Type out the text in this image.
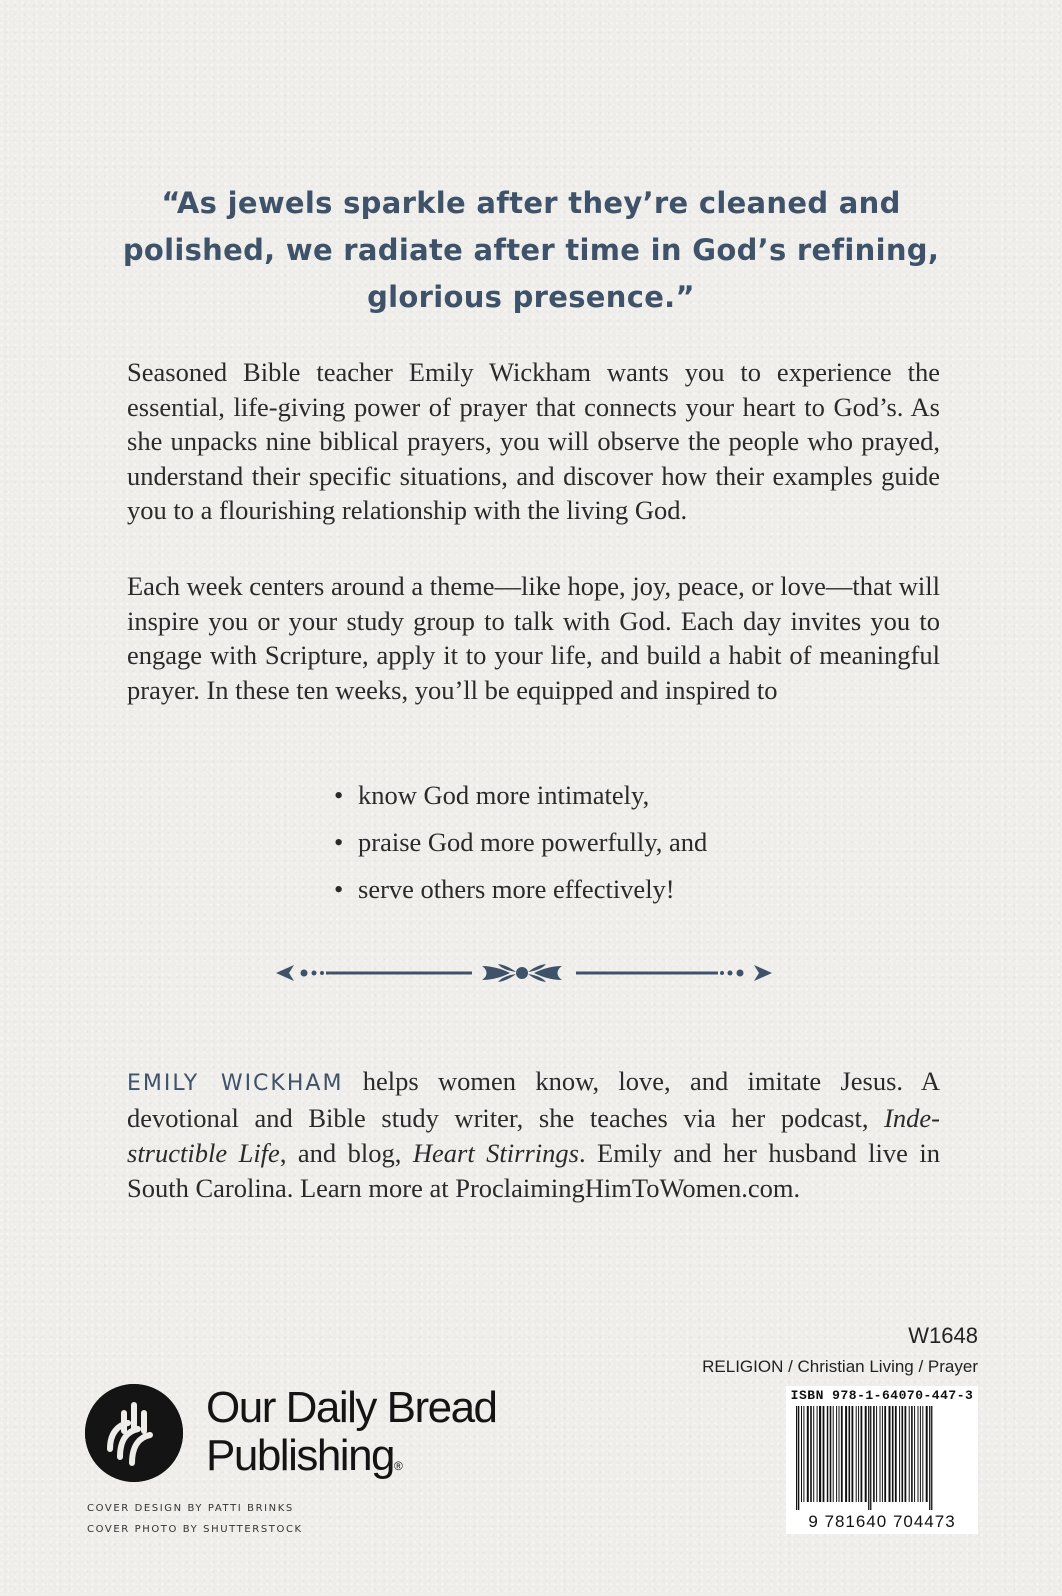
“As jewels sparkle after they’re cleaned and polished, we radiate after time in God’s refining, glorious presence.”

Seasoned Bible teacher Emily Wickham wants you to experience the essential, life-giving power of prayer that connects your heart to God’s. As she unpacks nine biblical prayers, you will observe the people who prayed, understand their specific situations, and discover how their examples guide you to a flourishing relationship with the living God.

Each week centers around a theme—like hope, joy, peace, or love—that will inspire you or your study group to talk with God. Each day invites you to engage with Scripture, apply it to your life, and build a habit of meaningful prayer. In these ten weeks, you’ll be equipped and inspired to

• know God more intimately,
• praise God more powerfully, and
• serve others more effectively!

EMILY WICKHAM helps women know, love, and imitate Jesus. A devotional and Bible study writer, she teaches via her podcast, Indestructible Life, and blog, Heart Stirrings. Emily and her husband live in South Carolina. Learn more at ProclaimingHimToWomen.com.

W1648
RELIGION / Christian Living / Prayer
ISBN 978-1-64070-447-3
9 781640 704473
Our Daily Bread
Publishing®
COVER DESIGN BY PATTI BRINKS
COVER PHOTO BY SHUTTERSTOCK
